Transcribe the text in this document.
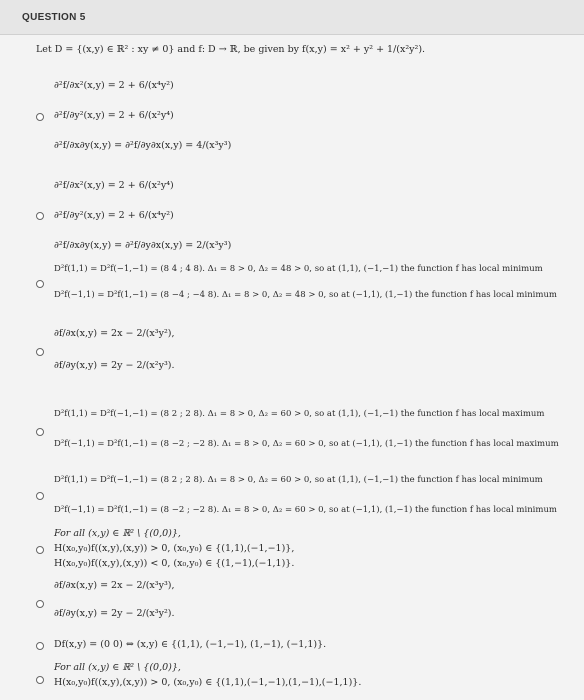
QUESTION 5
Let D = {(x,y) ∈ ℝ² : xy ≠ 0} and f: D → ℝ, be given by f(x,y) = x² + y² + 1/(x²y²).
∂²f/∂x²(x,y) = 2 + 6/(x⁴y²)
∂²f/∂y²(x,y) = 2 + 6/(x²y⁴)
∂²f/∂x∂y(x,y) = ∂²f/∂y∂x(x,y) = 4/(x³y³)
∂²f/∂x²(x,y) = 2 + 6/(x²y⁴)
∂²f/∂y²(x,y) = 2 + 6/(x⁴y²)
∂²f/∂x∂y(x,y) = ∂²f/∂y∂x(x,y) = 2/(x³y³)
D²f(1,1) = D²f(−1,−1) = (8 4 ; 4 8). Δ₁ = 8 > 0, Δ₂ = 48 > 0, so at (1,1), (−1,−1) the function f has local minimum
D²f(−1,1) = D²f(1,−1) = (8 −4 ; −4 8). Δ₁ = 8 > 0, Δ₂ = 48 > 0, so at (−1,1), (1,−1) the function f has local minimum
∂f/∂x(x,y) = 2x − 2/(x³y²),
∂f/∂y(x,y) = 2y − 2/(x²y³).
D²f(1,1) = D²f(−1,−1) = (8 2 ; 2 8). Δ₁ = 8 > 0, Δ₂ = 60 > 0, so at (1,1), (−1,−1) the function f has local maximum
D²f(−1,1) = D²f(1,−1) = (8 −2 ; −2 8). Δ₁ = 8 > 0, Δ₂ = 60 > 0, so at (−1,1), (1,−1) the function f has local maximum
D²f(1,1) = D²f(−1,−1) = (8 2 ; 2 8). Δ₁ = 8 > 0, Δ₂ = 60 > 0, so at (1,1), (−1,−1) the function f has local minimum
D²f(−1,1) = D²f(1,−1) = (8 −2 ; −2 8). Δ₁ = 8 > 0, Δ₂ = 60 > 0, so at (−1,1), (1,−1) the function f has local minimum
For all (x,y) ∈ ℝ² \ {(0,0)},
H(x₀,y₀)f((x,y),(x,y)) > 0, (x₀,y₀) ∈ {(1,1),(−1,−1)},
H(x₀,y₀)f((x,y),(x,y)) < 0, (x₀,y₀) ∈ {(1,−1),(−1,1)}.
∂f/∂x(x,y) = 2x − 2/(x³y³),
∂f/∂y(x,y) = 2y − 2/(x³y²).
Df(x,y) = (0 0) ⇔ (x,y) ∈ {(1,1), (−1,−1), (1,−1), (−1,1)}.
For all (x,y) ∈ ℝ² \ {(0,0)},
H(x₀,y₀)f((x,y),(x,y)) > 0, (x₀,y₀) ∈ {(1,1),(−1,−1),(1,−1),(−1,1)}.
